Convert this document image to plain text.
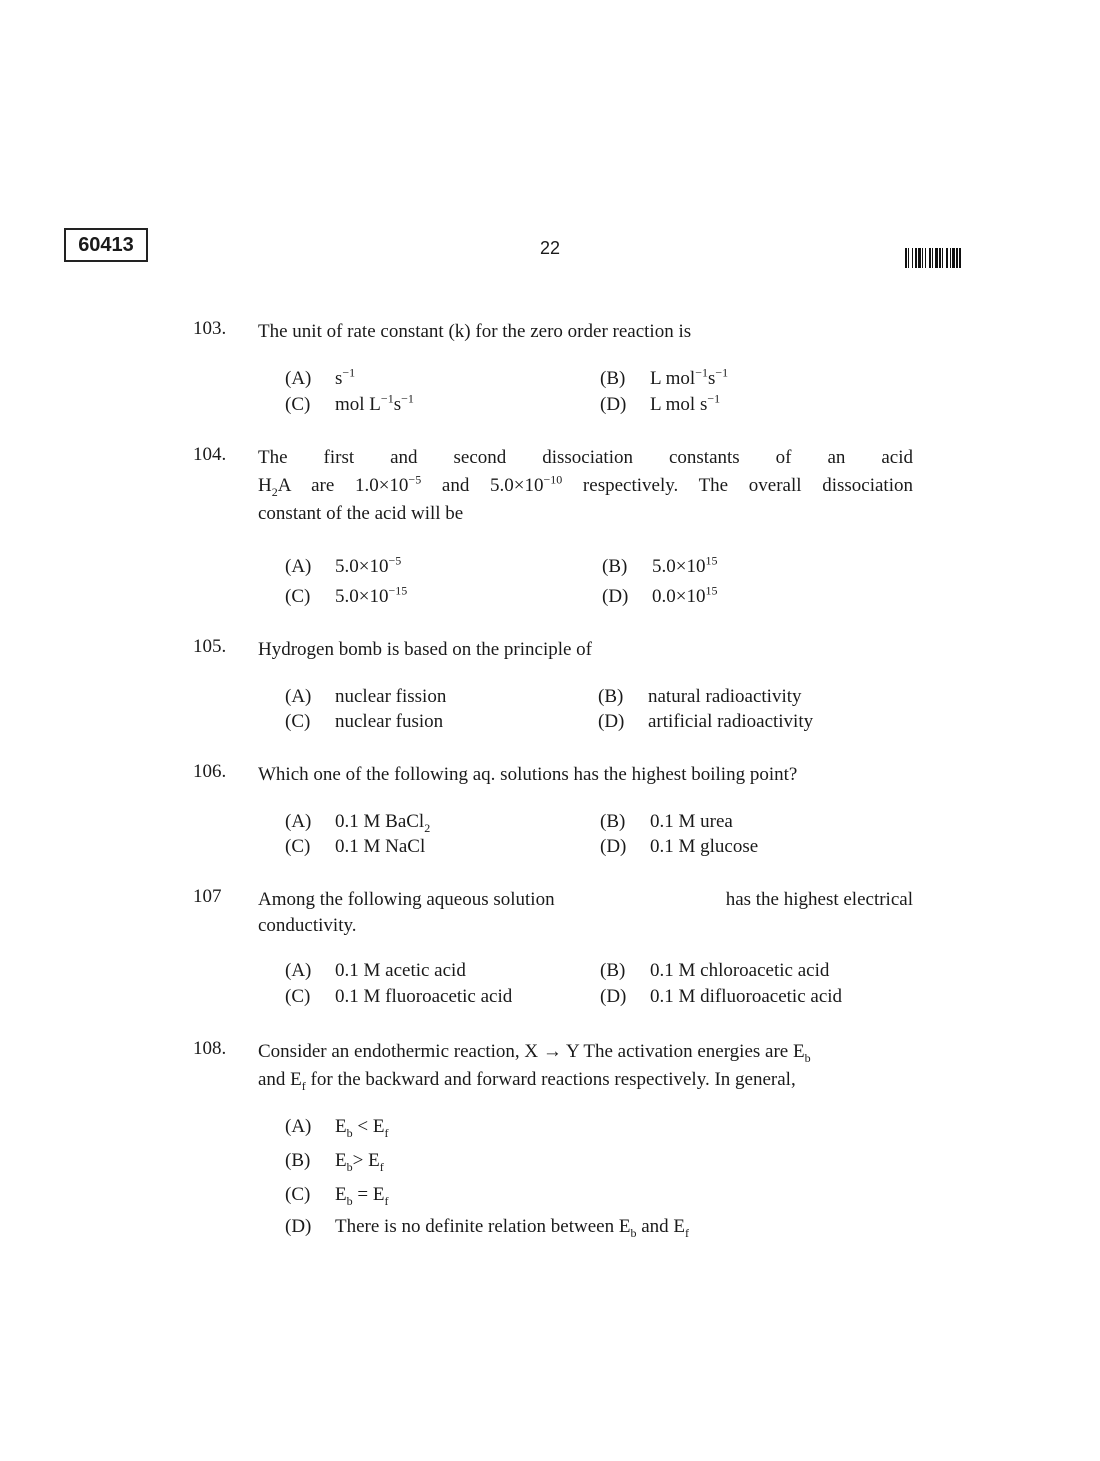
60413	22
103. The unit of rate constant (k) for the zero order reaction is
(A) $s^{-1}$	(B) L $mol^{-1}s^{-1}$
(C) mol $L^{-1}s^{-1}$	(D) L mol $s^{-1}$
104. The first and second dissociation constants of an acid
$H_2A$ are $1.0\times 10^{-5}$ and $5.0\times 10^{-10}$ respectively. The overall dissociation
constant of the acid will be
(A) $5.0\times 10^{-5}$	(B) $5.0\times 10^{15}$
(C) $5.0\times 10^{-15}$	(D) $0.0\times 10^{15}$
105. Hydrogen bomb is based on the principle of
(A) nuclear fission	(B) natural radioactivity
(C) nuclear fusion	(D) artificial radioactivity
106. Which one of the following aq. solutions has the highest boiling point?
(A) 0.1 M BaCl$_2$	(B) 0.1 M urea
(C) 0.1 M NaCl	(D) 0.1 M glucose
107 Among the following aqueous solution	has the highest electrical
conductivity.
(A) 0.1 M acetic acid	(B) 0.1 M chloroacetic acid
(C) 0.1 M fluoroacetic acid	(D) 0.1 M difluoroacetic acid
108. Consider an endothermic reaction, X → Y The activation energies are $E_b$
and $E_f$ for the backward and forward reactions respectively. In general,
(A) $E_b < E_f$
(B) $E_b> E_f$
(C) $E_b = E_f$
(D) There is no definite relation between $E_b$ and $E_f$
